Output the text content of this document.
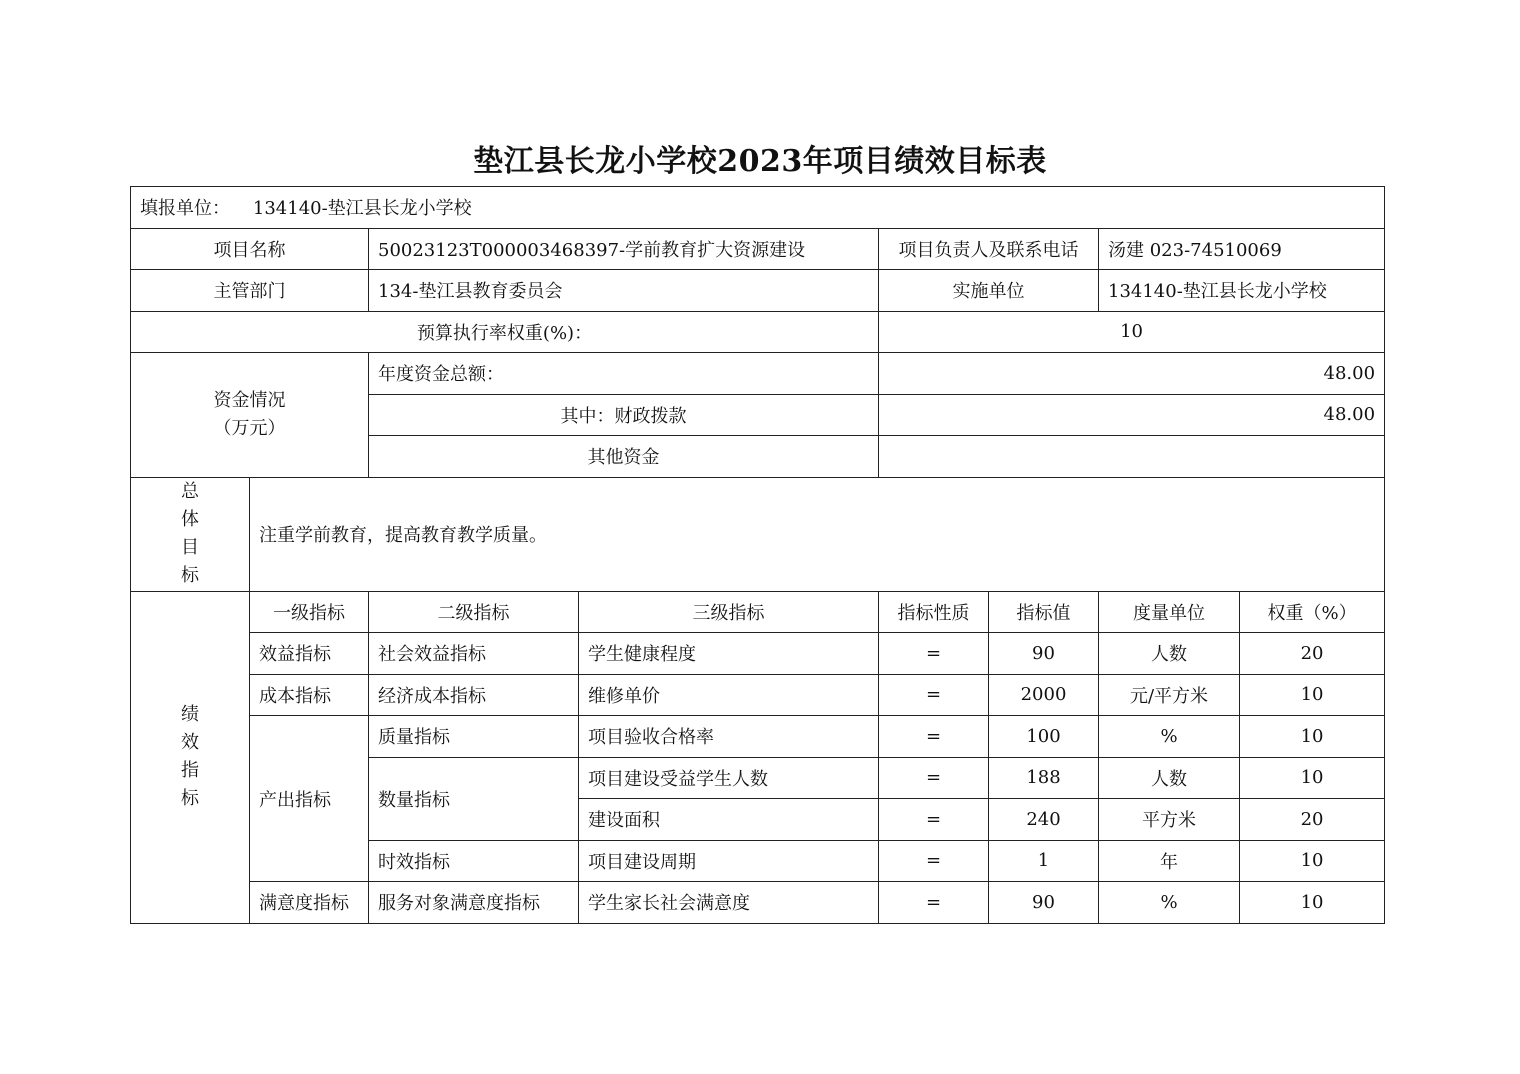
垫江县长龙小学校2023年项目绩效目标表
填报单位： 134140-垫江县长龙小学校							
项目名称		50023123T000003468397-学前教育扩大资源建设		项目负责人及联系电话		汤建 023-74510069	
主管部门		134-垫江县教育委员会		实施单位		134140-垫江县长龙小学校	
预算执行率权重(%)：				10			
资金情况
（万元）		年度资金总额：		48.00			
		其中：财政拨款		48.00			
		其他资金					

总
体
目
标	注重学前教育，提高教育教学质量。						

绩
效
指
标	一级指标	二级指标	三级指标	指标性质	指标值	度量单位	权重（%）
	效益指标	社会效益指标	学生健康程度	=	90	人数	20
	成本指标	经济成本指标	维修单价	=	2000	元/平方米	10
	产出指标	质量指标	项目验收合格率	=	100	%	10
		数量指标	项目建设受益学生人数	=	188	人数	10
			建设面积	=	240	平方米	20
		时效指标	项目建设周期	=	1	年	10
	满意度指标	服务对象满意度指标	学生家长社会满意度	=	90	%	10
